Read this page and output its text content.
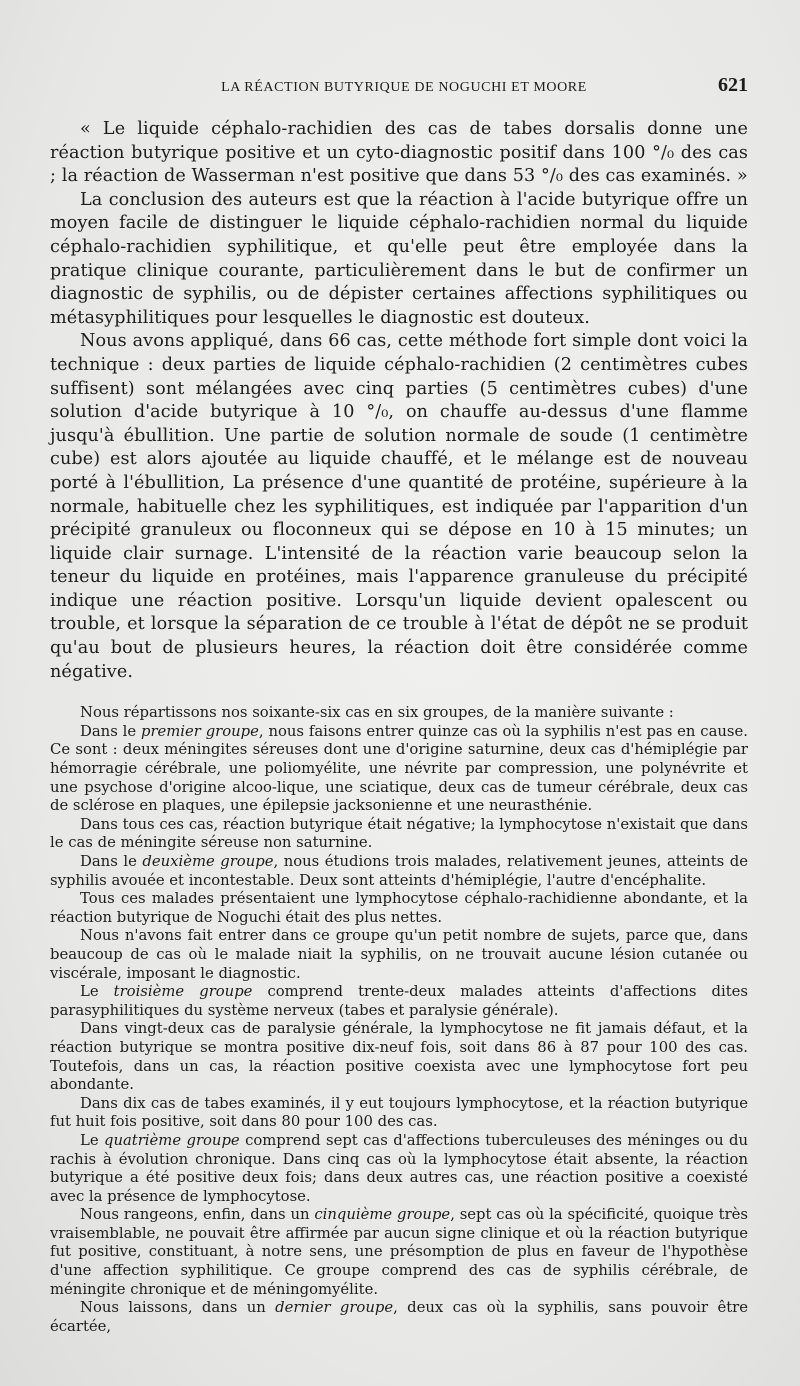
LA RÉACTION BUTYRIQUE DE NOGUCHI ET MOORE	621

« Le liquide céphalo-rachidien des cas de tabes dorsalis donne une réaction butyrique positive et un cyto-diagnostic positif dans 100 °/₀ des cas ; la réaction de Wasserman n'est positive que dans 53 °/₀ des cas examinés. »

La conclusion des auteurs est que la réaction à l'acide butyrique offre un moyen facile de distinguer le liquide céphalo-rachidien normal du liquide céphalo-rachidien syphilitique, et qu'elle peut être employée dans la pratique clinique courante, particulièrement dans le but de confirmer un diagnostic de syphilis, ou de dépister certaines affections syphilitiques ou métasyphilitiques pour lesquelles le diagnostic est douteux.

Nous avons appliqué, dans 66 cas, cette méthode fort simple dont voici la technique : deux parties de liquide céphalo-rachidien (2 centimètres cubes suffisent) sont mélangées avec cinq parties (5 centimètres cubes) d'une solution d'acide butyrique à 10 °/₀, on chauffe au-dessus d'une flamme jusqu'à ébullition. Une partie de solution normale de soude (1 centimètre cube) est alors ajoutée au liquide chauffé, et le mélange est de nouveau porté à l'ébullition, La présence d'une quantité de protéine, supérieure à la normale, habituelle chez les syphilitiques, est indiquée par l'apparition d'un précipité granuleux ou floconneux qui se dépose en 10 à 15 minutes; un liquide clair surnage. L'intensité de la réaction varie beaucoup selon la teneur du liquide en protéines, mais l'apparence granuleuse du précipité indique une réaction positive. Lorsqu'un liquide devient opalescent ou trouble, et lorsque la séparation de ce trouble à l'état de dépôt ne se produit qu'au bout de plusieurs heures, la réaction doit être considérée comme négative.

Nous répartissons nos soixante-six cas en six groupes, de la manière suivante :

Dans le premier groupe, nous faisons entrer quinze cas où la syphilis n'est pas en cause. Ce sont : deux méningites séreuses dont une d'origine saturnine, deux cas d'hémiplégie par hémorragie cérébrale, une poliomyélite, une névrite par compression, une polynévrite et une psychose d'origine alcoo-lique, une sciatique, deux cas de tumeur cérébrale, deux cas de sclérose en plaques, une épilepsie jacksonienne et une neurasthénie.

Dans tous ces cas, réaction butyrique était négative; la lymphocytose n'existait que dans le cas de méningite séreuse non saturnine.

Dans le deuxième groupe, nous étudions trois malades, relativement jeunes, atteints de syphilis avouée et incontestable. Deux sont atteints d'hémiplégie, l'autre d'encéphalite.

Tous ces malades présentaient une lymphocytose céphalo-rachidienne abondante, et la réaction butyrique de Noguchi était des plus nettes.

Nous n'avons fait entrer dans ce groupe qu'un petit nombre de sujets, parce que, dans beaucoup de cas où le malade niait la syphilis, on ne trouvait aucune lésion cutanée ou viscérale, imposant le diagnostic.

Le troisième groupe comprend trente-deux malades atteints d'affections dites parasyphilitiques du système nerveux (tabes et paralysie générale).

Dans vingt-deux cas de paralysie générale, la lymphocytose ne fit jamais défaut, et la réaction butyrique se montra positive dix-neuf fois, soit dans 86 à 87 pour 100 des cas. Toutefois, dans un cas, la réaction positive coexista avec une lymphocytose fort peu abondante.

Dans dix cas de tabes examinés, il y eut toujours lymphocytose, et la réaction butyrique fut huit fois positive, soit dans 80 pour 100 des cas.

Le quatrième groupe comprend sept cas d'affections tuberculeuses des méninges ou du rachis à évolution chronique. Dans cinq cas où la lymphocytose était absente, la réaction butyrique a été positive deux fois; dans deux autres cas, une réaction positive a coexisté avec la présence de lymphocytose.

Nous rangeons, enfin, dans un cinquième groupe, sept cas où la spécificité, quoique très vraisemblable, ne pouvait être affirmée par aucun signe clinique et où la réaction butyrique fut positive, constituant, à notre sens, une présomption de plus en faveur de l'hypothèse d'une affection syphilitique. Ce groupe comprend des cas de syphilis cérébrale, de méningite chronique et de méningomyélite.

Nous laissons, dans un dernier groupe, deux cas où la syphilis, sans pouvoir être écartée,
